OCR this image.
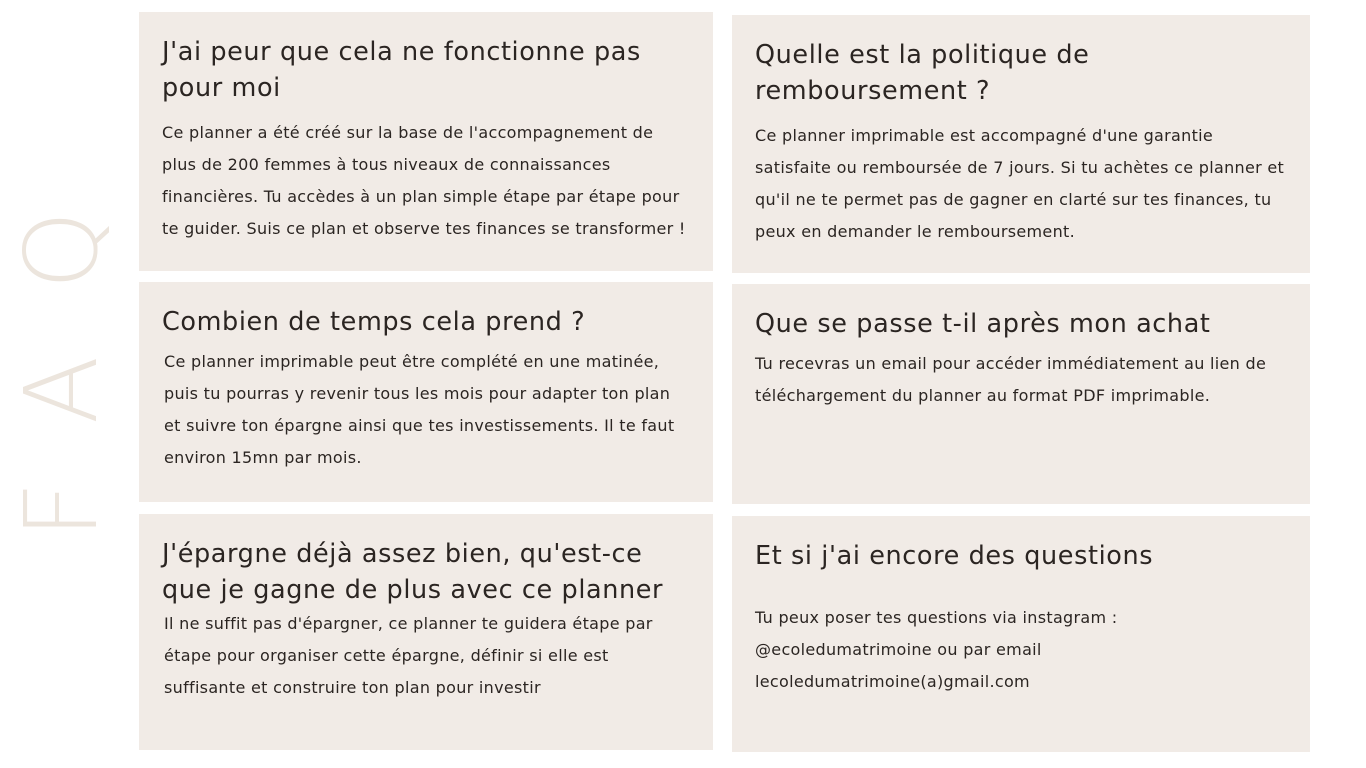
Q
A
F
J'ai peur que cela ne fonctionne pas pour moi

Ce planner a été créé sur la base de l'accompagnement de plus de 200 femmes à tous niveaux de connaissances financières. Tu accèdes à un plan simple étape par étape pour te guider. Suis ce plan et observe tes finances se transformer !

Quelle est la politique de remboursement ?

Ce planner imprimable est accompagné d'une garantie satisfaite ou remboursée de 7 jours. Si tu achètes ce planner et qu'il ne te permet pas de gagner en clarté sur tes finances, tu peux en demander le remboursement.

Combien de temps cela prend ?

Ce planner imprimable peut être complété en une matinée, puis tu pourras y revenir tous les mois pour adapter ton plan et suivre ton épargne ainsi que tes investissements. Il te faut environ 15mn par mois.

Que se passe t-il après mon achat

Tu recevras un email pour accéder immédiatement au lien de téléchargement du planner au format PDF imprimable.

J'épargne déjà assez bien, qu'est-ce que je gagne de plus avec ce planner

Il ne suffit pas d'épargner, ce planner te guidera étape par étape pour organiser cette épargne, définir si elle est suffisante et construire ton plan pour investir

Et si j'ai encore des questions

Tu peux poser tes questions via instagram :
@ecoledumatrimoine ou par email
lecoledumatrimoine(a)gmail.com
